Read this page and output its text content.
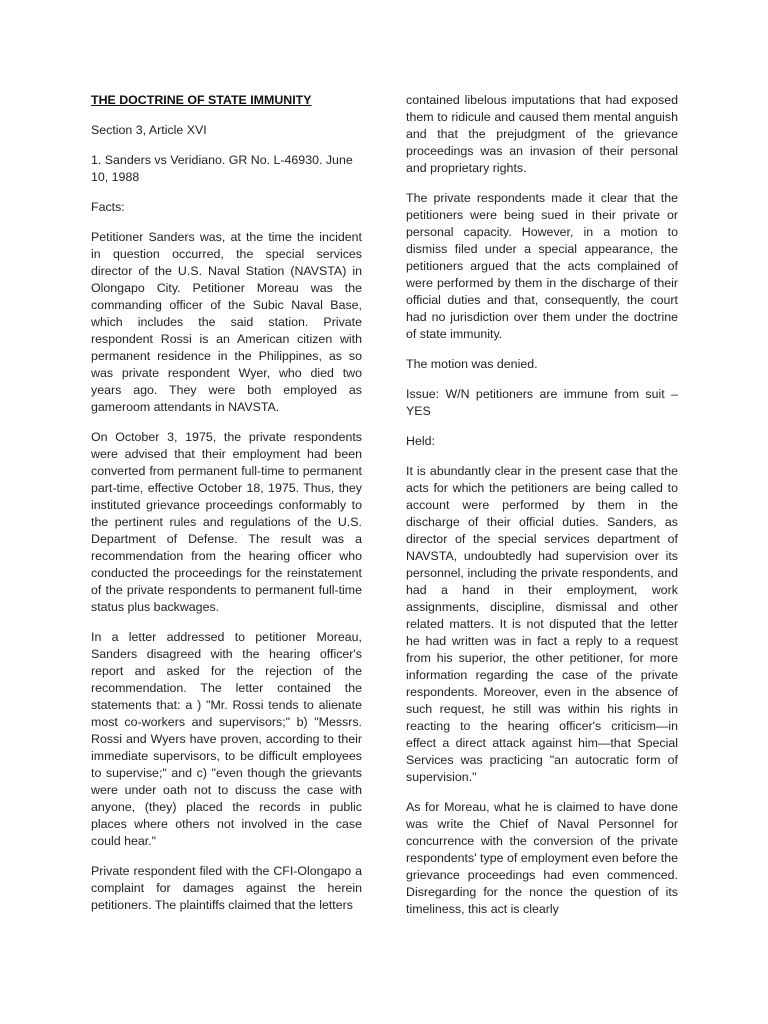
THE DOCTRINE OF STATE IMMUNITY

Section 3, Article XVI

1. Sanders vs Veridiano. GR No. L-46930. June 10, 1988

Facts:

Petitioner Sanders was, at the time the incident in question occurred, the special services director of the U.S. Naval Station (NAVSTA) in Olongapo City. Petitioner Moreau was the commanding officer of the Subic Naval Base, which includes the said station. Private respondent Rossi is an American citizen with permanent residence in the Philippines, as so was private respondent Wyer, who died two years ago. They were both employed as gameroom attendants in NAVSTA.

On October 3, 1975, the private respondents were advised that their employment had been converted from permanent full-time to permanent part-time, effective October 18, 1975. Thus, they instituted grievance proceedings conformably to the pertinent rules and regulations of the U.S. Department of Defense. The result was a recommendation from the hearing officer who conducted the proceedings for the reinstatement of the private respondents to permanent full-time status plus backwages.

In a letter addressed to petitioner Moreau, Sanders disagreed with the hearing officer's report and asked for the rejection of the recommendation. The letter contained the statements that: a ) "Mr. Rossi tends to alienate most co-workers and supervisors;" b) "Messrs. Rossi and Wyers have proven, according to their immediate supervisors, to be difficult employees to supervise;" and c) "even though the grievants were under oath not to discuss the case with anyone, (they) placed the records in public places where others not involved in the case could hear."

Private respondent filed with the CFI-Olongapo a complaint for damages against the herein petitioners. The plaintiffs claimed that the letters

contained libelous imputations that had exposed them to ridicule and caused them mental anguish and that the prejudgment of the grievance proceedings was an invasion of their personal and proprietary rights.

The private respondents made it clear that the petitioners were being sued in their private or personal capacity. However, in a motion to dismiss filed under a special appearance, the petitioners argued that the acts complained of were performed by them in the discharge of their official duties and that, consequently, the court had no jurisdiction over them under the doctrine of state immunity.

The motion was denied.

Issue: W/N petitioners are immune from suit – YES

Held:

It is abundantly clear in the present case that the acts for which the petitioners are being called to account were performed by them in the discharge of their official duties. Sanders, as director of the special services department of NAVSTA, undoubtedly had supervision over its personnel, including the private respondents, and had a hand in their employment, work assignments, discipline, dismissal and other related matters. It is not disputed that the letter he had written was in fact a reply to a request from his superior, the other petitioner, for more information regarding the case of the private respondents. Moreover, even in the absence of such request, he still was within his rights in reacting to the hearing officer's criticism—in effect a direct attack against him—that Special Services was practicing "an autocratic form of supervision."

As for Moreau, what he is claimed to have done was write the Chief of Naval Personnel for concurrence with the conversion of the private respondents' type of employment even before the grievance proceedings had even commenced. Disregarding for the nonce the question of its timeliness, this act is clearly
